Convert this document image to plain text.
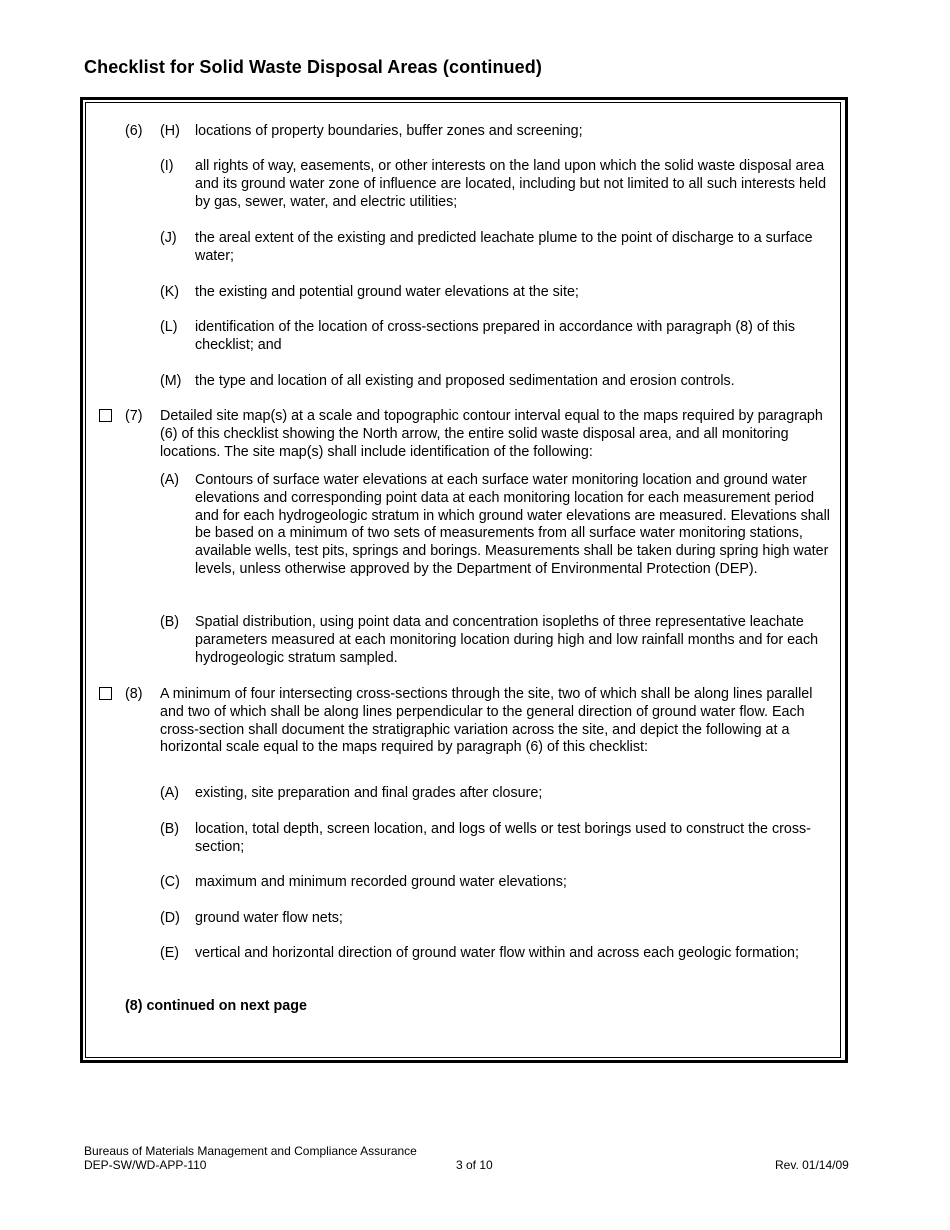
Checklist for Solid Waste Disposal Areas (continued)
(6) (H) locations of property boundaries, buffer zones and screening;
(I) all rights of way, easements, or other interests on the land upon which the solid waste disposal area and its ground water zone of influence are located, including but not limited to all such interests held by gas, sewer, water, and electric utilities;
(J) the areal extent of the existing and predicted leachate plume to the point of discharge to a surface water;
(K) the existing and potential ground water elevations at the site;
(L) identification of the location of cross-sections prepared in accordance with paragraph (8) of this checklist; and
(M) the type and location of all existing and proposed sedimentation and erosion controls.
(7) Detailed site map(s) at a scale and topographic contour interval equal to the maps required by paragraph (6) of this checklist showing the North arrow, the entire solid waste disposal area, and all monitoring locations. The site map(s) shall include identification of the following:
(A) Contours of surface water elevations at each surface water monitoring location and ground water elevations and corresponding point data at each monitoring location for each measurement period and for each hydrogeologic stratum in which ground water elevations are measured. Elevations shall be based on a minimum of two sets of measurements from all surface water monitoring stations, available wells, test pits, springs and borings. Measurements shall be taken during spring high water levels, unless otherwise approved by the Department of Environmental Protection (DEP).
(B) Spatial distribution, using point data and concentration isopleths of three representative leachate parameters measured at each monitoring location during high and low rainfall months and for each hydrogeologic stratum sampled.
(8) A minimum of four intersecting cross-sections through the site, two of which shall be along lines parallel and two of which shall be along lines perpendicular to the general direction of ground water flow. Each cross-section shall document the stratigraphic variation across the site, and depict the following at a horizontal scale equal to the maps required by paragraph (6) of this checklist:
(A) existing, site preparation and final grades after closure;
(B) location, total depth, screen location, and logs of wells or test borings used to construct the cross-section;
(C) maximum and minimum recorded ground water elevations;
(D) ground water flow nets;
(E) vertical and horizontal direction of ground water flow within and across each geologic formation;
(8) continued on next page
Bureaus of Materials Management and Compliance Assurance
DEP-SW/WD-APP-110	3 of 10	Rev. 01/14/09
